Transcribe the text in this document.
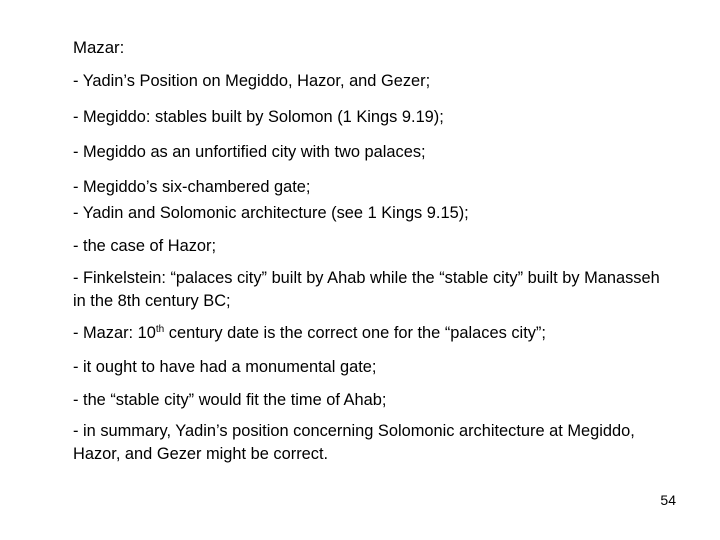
Mazar:
- Yadin’s Position on Megiddo, Hazor, and Gezer;
- Megiddo: stables built by Solomon (1 Kings 9.19);
- Megiddo as an unfortified city with two palaces;
- Megiddo’s six-chambered gate;
- Yadin and Solomonic architecture (see 1 Kings 9.15);
- the case of Hazor;
- Finkelstein: “palaces city” built by Ahab while the “stable city” built by Manasseh in the 8th century BC;
- Mazar: 10th century date is the correct one for the “palaces city”;
- it ought to have had a monumental gate;
- the “stable city” would fit the time of Ahab;
- in summary, Yadin’s position concerning Solomonic architecture at Megiddo, Hazor, and Gezer might be correct.
54
